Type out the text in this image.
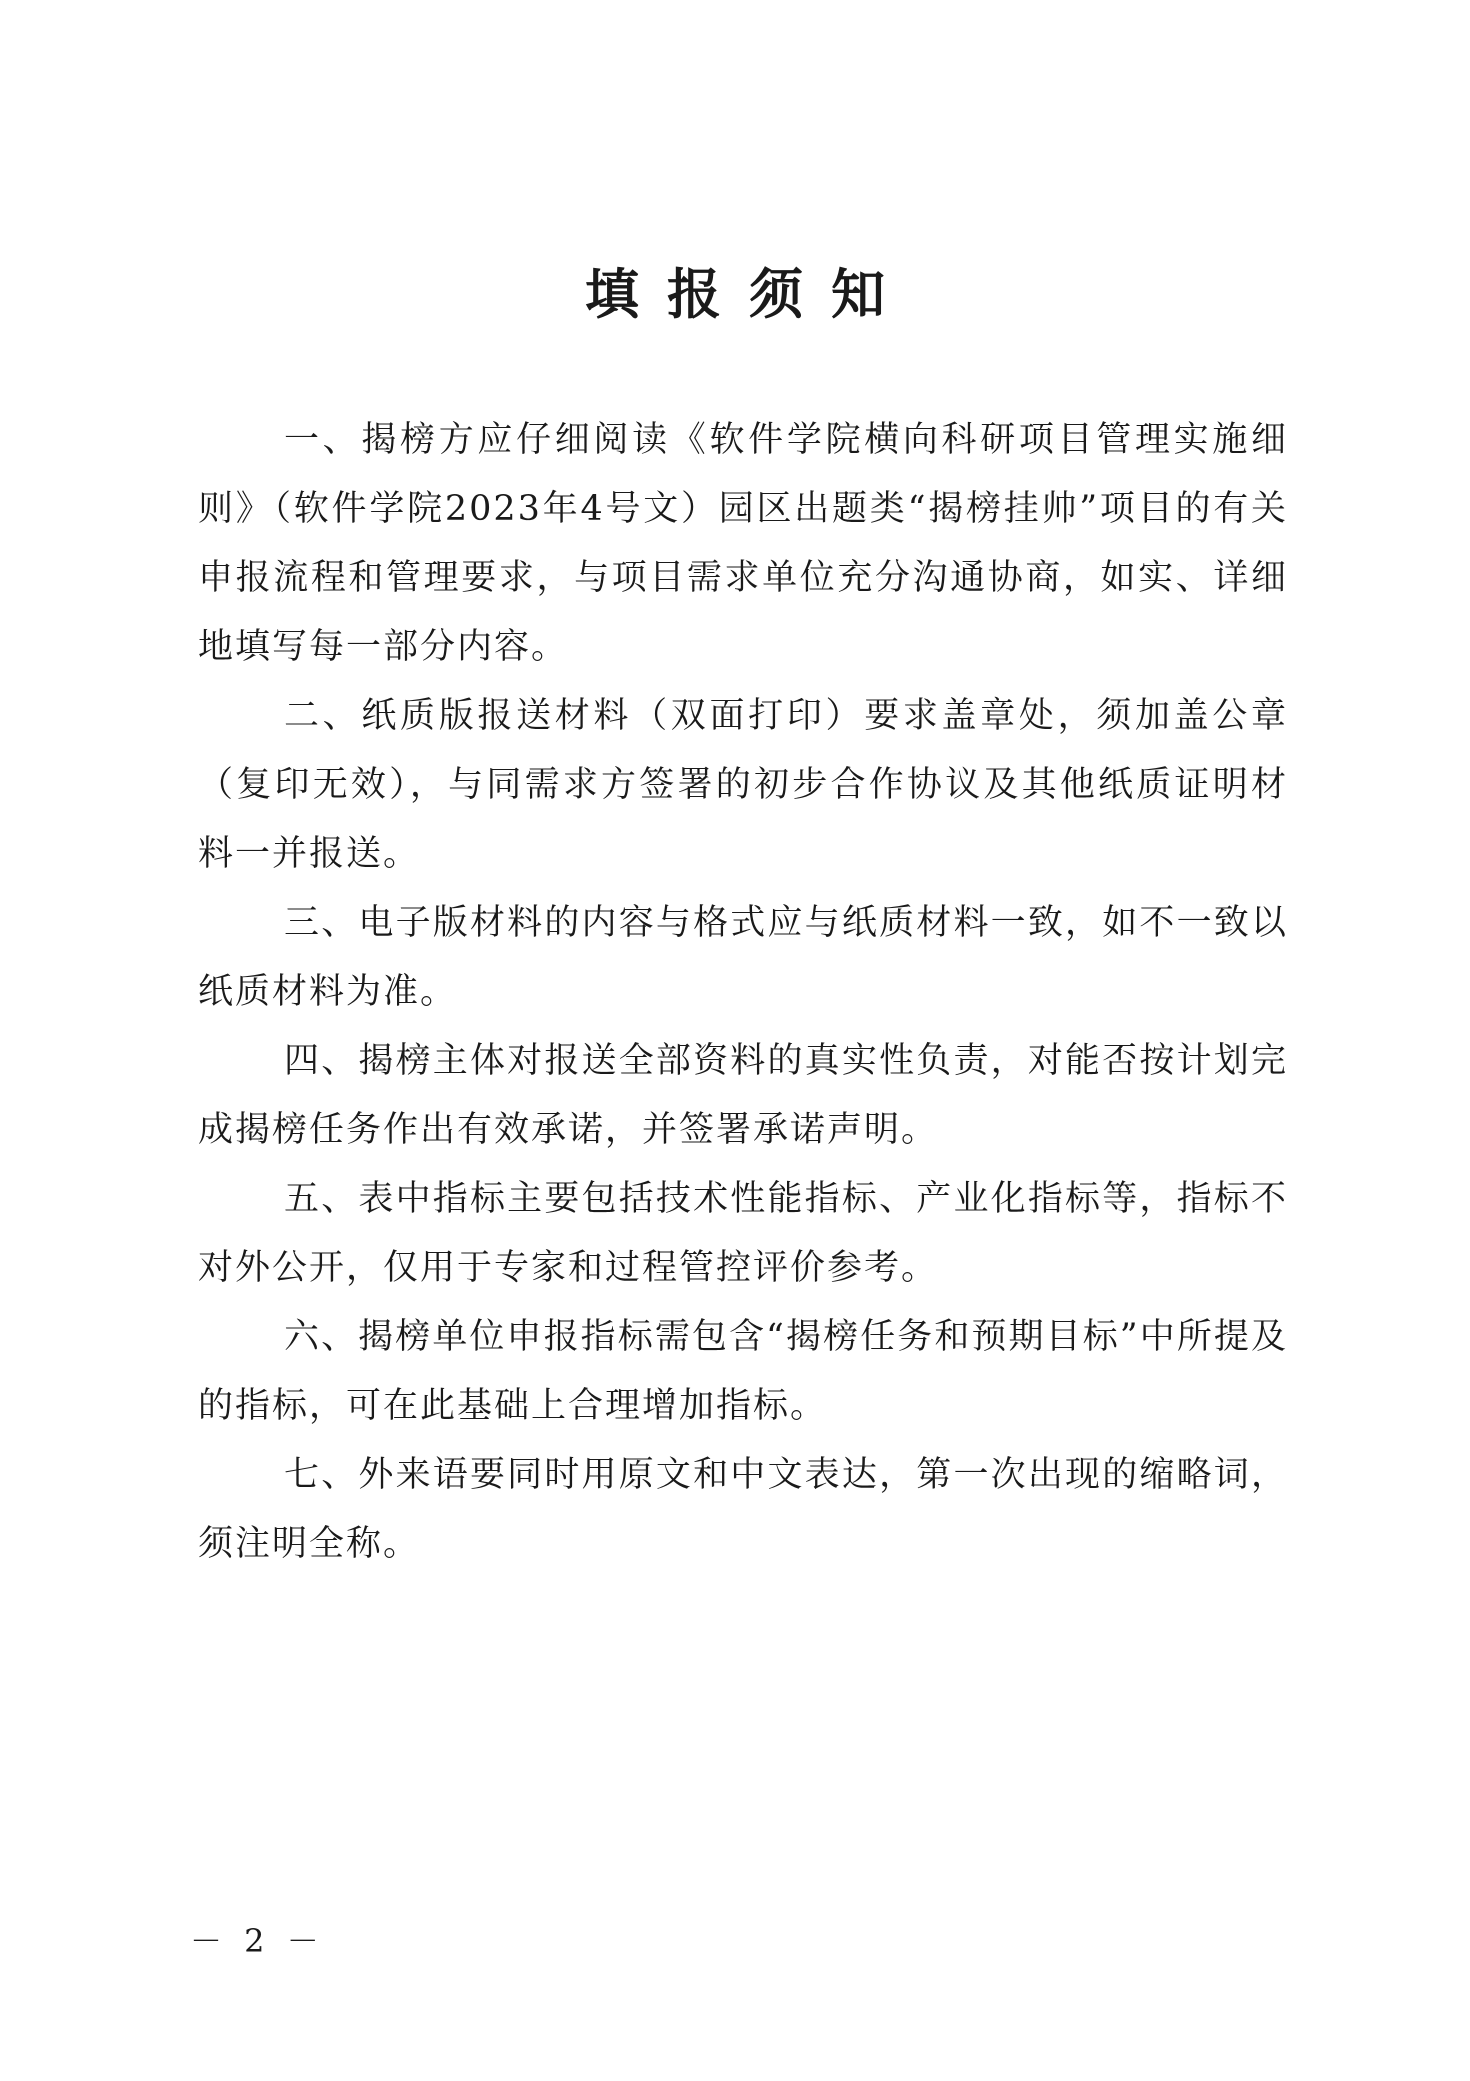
填报须知

一、揭榜方应仔细阅读《软件学院横向科研项目管理实施细则》（软件学院2023年4号文）园区出题类“揭榜挂帅”项目的有关申报流程和管理要求，与项目需求单位充分沟通协商，如实、详细地填写每一部分内容。

二、纸质版报送材料（双面打印）要求盖章处，须加盖公章（复印无效），与同需求方签署的初步合作协议及其他纸质证明材料一并报送。

三、电子版材料的内容与格式应与纸质材料一致，如不一致以纸质材料为准。

四、揭榜主体对报送全部资料的真实性负责，对能否按计划完成揭榜任务作出有效承诺，并签署承诺声明。

五、表中指标主要包括技术性能指标、产业化指标等，指标不对外公开，仅用于专家和过程管控评价参考。

六、揭榜单位申报指标需包含“揭榜任务和预期目标”中所提及的指标，可在此基础上合理增加指标。

七、外来语要同时用原文和中文表达，第一次出现的缩略词，须注明全称。

－ 2 －
